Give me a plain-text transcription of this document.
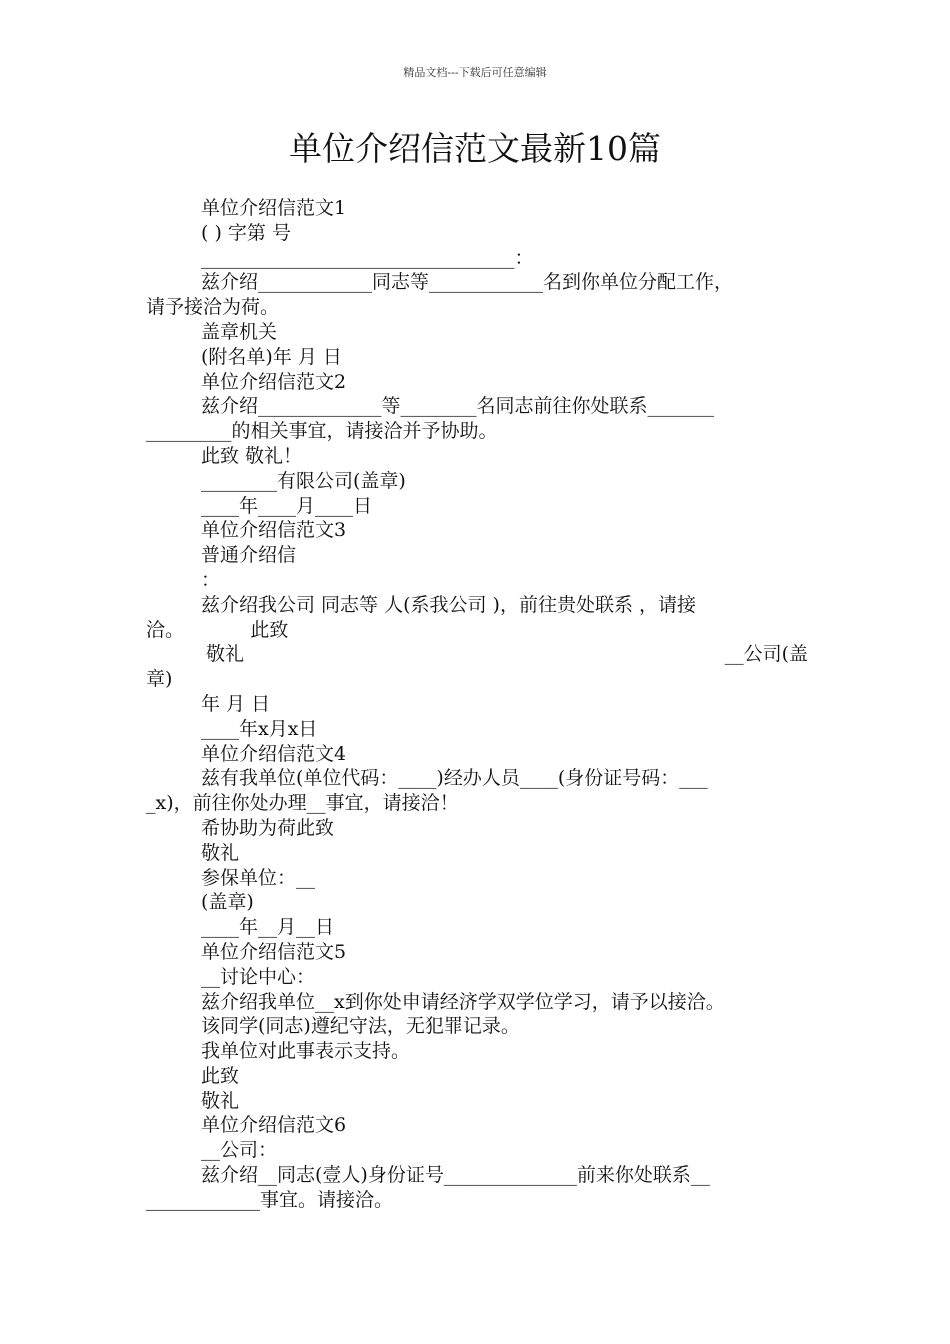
精品文档---下载后可任意编辑
单位介绍信范文最新10篇
单位介绍信范文1
( ) 字第 号
_________________________________：
兹介绍____________同志等____________名到你单位分配工作，
请予接洽为荷。
盖章机关
(附名单)年 月 日
单位介绍信范文2
兹介绍_____________等________名同志前往你处联系_______
_________的相关事宜，请接洽并予协助。
此致 敬礼！
________有限公司(盖章)
____年____月____日
单位介绍信范文3
普通介绍信
：
兹介绍我公司 同志等 人(系我公司 )，前往贵处联系 ，请接
洽。           此致
敬礼	__公司(盖
章)
年 月 日
____年x月x日
单位介绍信范文4
兹有我单位(单位代码：____)经办人员____(身份证号码：___
_x)，前往你处办理__事宜，请接洽！
希协助为荷此致
敬礼
参保单位：__
(盖章)
____年__月__日
单位介绍信范文5
__讨论中心：
兹介绍我单位__x到你处申请经济学双学位学习，请予以接洽。
该同学(同志)遵纪守法，无犯罪记录。
我单位对此事表示支持。
此致
敬礼
单位介绍信范文6
__公司：
兹介绍__同志(壹人)身份证号______________前来你处联系__
____________事宜。请接洽。
